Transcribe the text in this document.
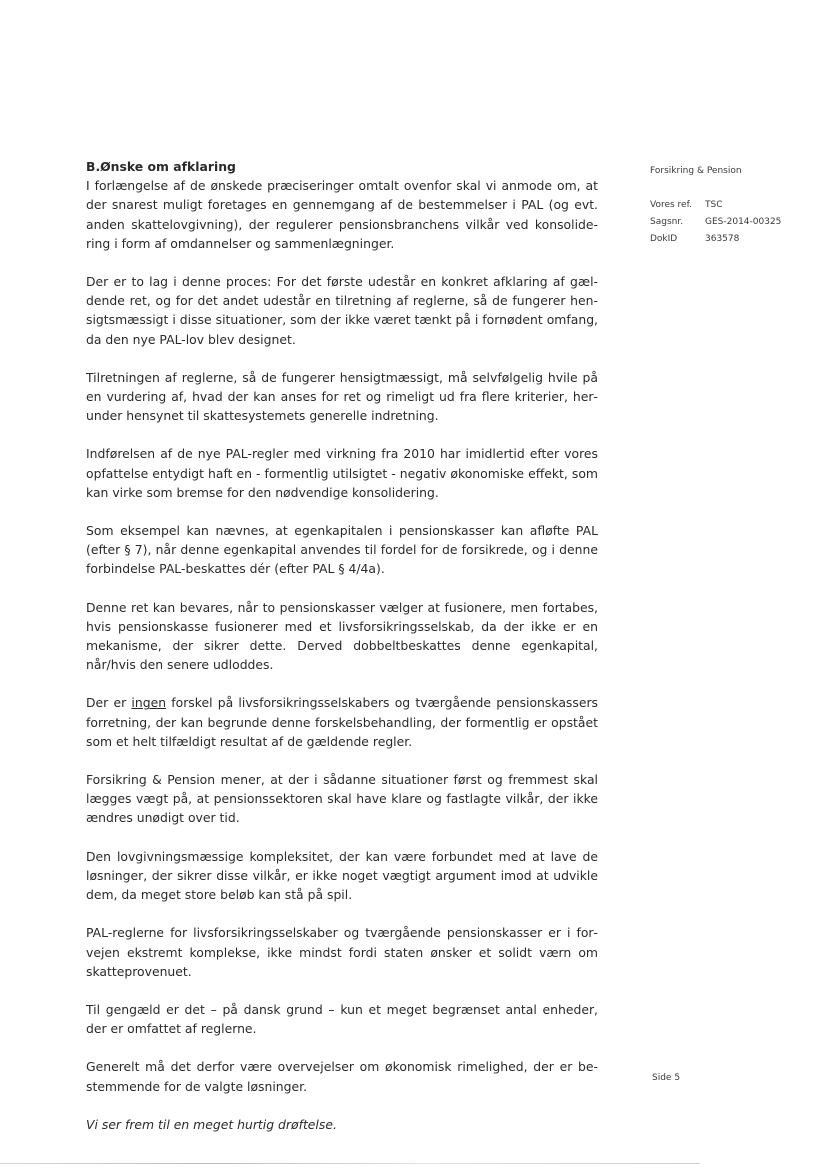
Forsikring & Pension
Vores ref.	TSC
Sagsnr.	GES-2014-00325
DokID	363578

B.Ønske om afklaring

I forlængelse af de ønskede præciseringer omtalt ovenfor skal vi anmode om, at der snarest muligt foretages en gennemgang af de bestemmelser i PAL (og evt. anden skattelovgivning), der regulerer pensionsbranchens vilkår ved konsolidering i form af omdannelser og sammenlægninger.

Der er to lag i denne proces: For det første udestår en konkret afklaring af gældende ret, og for det andet udestår en tilretning af reglerne, så de fungerer hensigtsmæssigt i disse situationer, som der ikke været tænkt på i fornødent omfang, da den nye PAL-lov blev designet.

Tilretningen af reglerne, så de fungerer hensigtmæssigt, må selvfølgelig hvile på en vurdering af, hvad der kan anses for ret og rimeligt ud fra flere kriterier, herunder hensynet til skattesystemets generelle indretning.

Indførelsen af de nye PAL-regler med virkning fra 2010 har imidlertid efter vores opfattelse entydigt haft en - formentlig utilsigtet - negativ økonomiske effekt, som kan virke som bremse for den nødvendige konsolidering.

Som eksempel kan nævnes, at egenkapitalen i pensionskasser kan afløfte PAL (efter § 7), når denne egenkapital anvendes til fordel for de forsikrede, og i denne forbindelse PAL-beskattes dér (efter PAL § 4/4a).

Denne ret kan bevares, når to pensionskasser vælger at fusionere, men fortabes, hvis pensionskasse fusionerer med et livsforsikringsselskab, da der ikke er en mekanisme, der sikrer dette. Derved dobbeltbeskattes denne egenkapital, når/hvis den senere udloddes.

Der er ingen forskel på livsforsikringsselskabers og tværgående pensionskassers forretning, der kan begrunde denne forskelsbehandling, der formentlig er opstået som et helt tilfældigt resultat af de gældende regler.

Forsikring & Pension mener, at der i sådanne situationer først og fremmest skal lægges vægt på, at pensionssektoren skal have klare og fastlagte vilkår, der ikke ændres unødigt over tid.

Den lovgivningsmæssige kompleksitet, der kan være forbundet med at lave de løsninger, der sikrer disse vilkår, er ikke noget vægtigt argument imod at udvikle dem, da meget store beløb kan stå på spil.

PAL-reglerne for livsforsikringsselskaber og tværgående pensionskasser er i forvejen ekstremt komplekse, ikke mindst fordi staten ønsker et solidt værn om skatteprovenuet.

Til gengæld er det – på dansk grund – kun et meget begrænset antal enheder, der er omfattet af reglerne.

Generelt må det derfor være overvejelser om økonomisk rimelighed, der er bestemmende for de valgte løsninger.

Vi ser frem til en meget hurtig drøftelse.

Side 5
